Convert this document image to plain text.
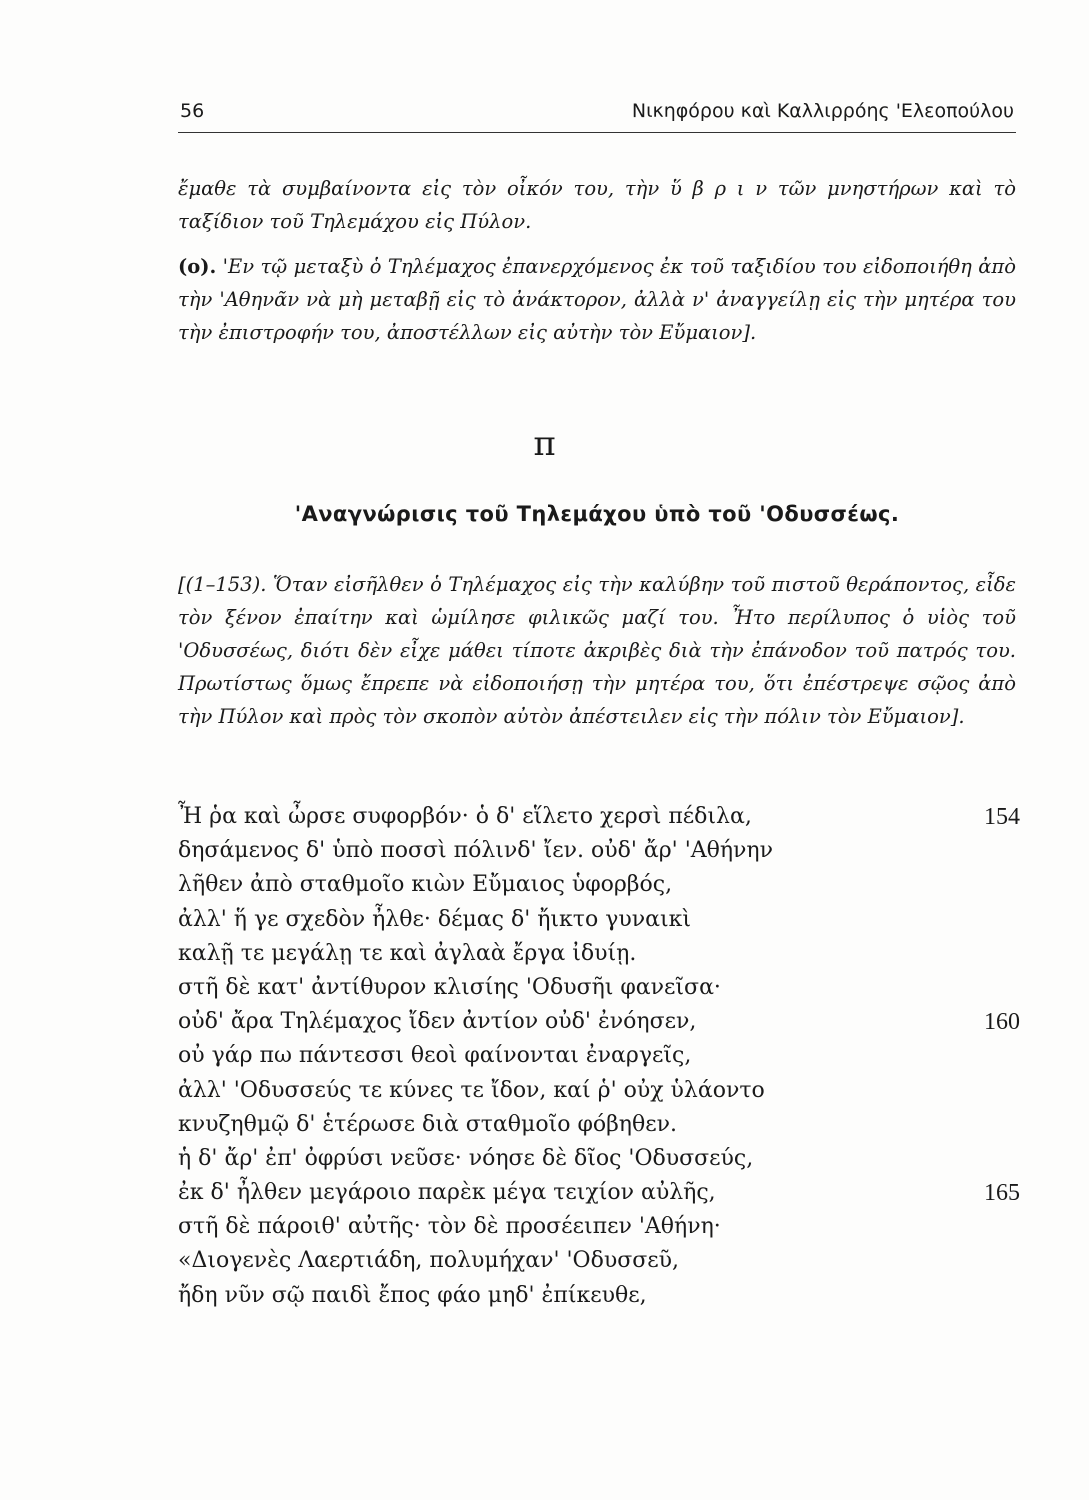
56	Νικηφόρου καὶ Καλλιρρόης 'Ελεοπούλου

ἔμαθε τὰ συμβαίνοντα εἰς τὸν οἶκόν του, τὴν ὕ β ρ ι ν τῶν μνηστήρων καὶ τὸ ταξίδιον τοῦ Τηλεμάχου εἰς Πύλον.

(ο). 'Εν τῷ μεταξὺ ὁ Τηλέμαχος ἐπανερχόμενος ἐκ τοῦ ταξιδίου του εἰδοποιήθη ἀπὸ τὴν 'Αθηνᾶν νὰ μὴ μεταβῇ εἰς τὸ ἀνάκτορον, ἀλλὰ ν' ἀναγγείλῃ εἰς τὴν μητέρα του τὴν ἐπιστροφήν του, ἀποστέλλων εἰς αὐτὴν τὸν Εὔμαιον].

π
'Αναγνώρισις τοῦ Τηλεμάχου ὑπὸ τοῦ 'Οδυσσέως.

[(1–153). Ὅταν εἰσῆλθεν ὁ Τηλέμαχος εἰς τὴν καλύβην τοῦ πιστοῦ θεράποντος, εἶδε τὸν ξένον ἐπαίτην καὶ ὡμίλησε φιλικῶς μαζί του. Ἦτο περίλυπος ὁ υἱὸς τοῦ 'Οδυσσέως, διότι δὲν εἶχε μάθει τίποτε ἀκριβὲς διὰ τὴν ἐπάνοδον τοῦ πατρός του. Πρωτίστως ὅμως ἔπρεπε νὰ εἰδοποιήσῃ τὴν μητέρα του, ὅτι ἐπέστρεψε σῷος ἀπὸ τὴν Πύλον καὶ πρὸς τὸν σκοπὸν αὐτὸν ἀπέστειλεν εἰς τὴν πόλιν τὸν Εὔμαιον].

Ἦ ῥα καὶ ὦρσε συφορβόν· ὁ δ' εἵλετο χερσὶ πέδιλα,	154
δησάμενος δ' ὑπὸ ποσσὶ πόλινδ' ἴεν. οὐδ' ἄρ' 'Αθήνην
λῆθεν ἀπὸ σταθμοῖο κιὼν Εὔμαιος ὑφορβός,
ἀλλ' ἥ γε σχεδὸν ἦλθε· δέμας δ' ἤικτο γυναικὶ
καλῇ τε μεγάλῃ τε καὶ ἀγλαὰ ἔργα ἰδυίῃ.
στῆ δὲ κατ' ἀντίθυρον κλισίης 'Οδυσῆι φανεῖσα·
οὐδ' ἄρα Τηλέμαχος ἴδεν ἀντίον οὐδ' ἐνόησεν,	160
οὐ γάρ πω πάντεσσι θεοὶ φαίνονται ἐναργεῖς,
ἀλλ' 'Οδυσσεύς τε κύνες τε ἴδον, καί ῥ' οὐχ ὑλάοντο
κνυζηθμῷ δ' ἑτέρωσε διὰ σταθμοῖο φόβηθεν.
ἡ δ' ἄρ' ἐπ' ὀφρύσι νεῦσε· νόησε δὲ δῖος 'Οδυσσεύς,
ἐκ δ' ἦλθεν μεγάροιο παρὲκ μέγα τειχίον αὐλῆς,	165
στῆ δὲ πάροιθ' αὐτῆς· τὸν δὲ προσέειπεν 'Αθήνη·
«Διογενὲς Λαερτιάδη, πολυμήχαν' 'Οδυσσεῦ,
ἤδη νῦν σῷ παιδὶ ἔπος φάο μηδ' ἐπίκευθε,
